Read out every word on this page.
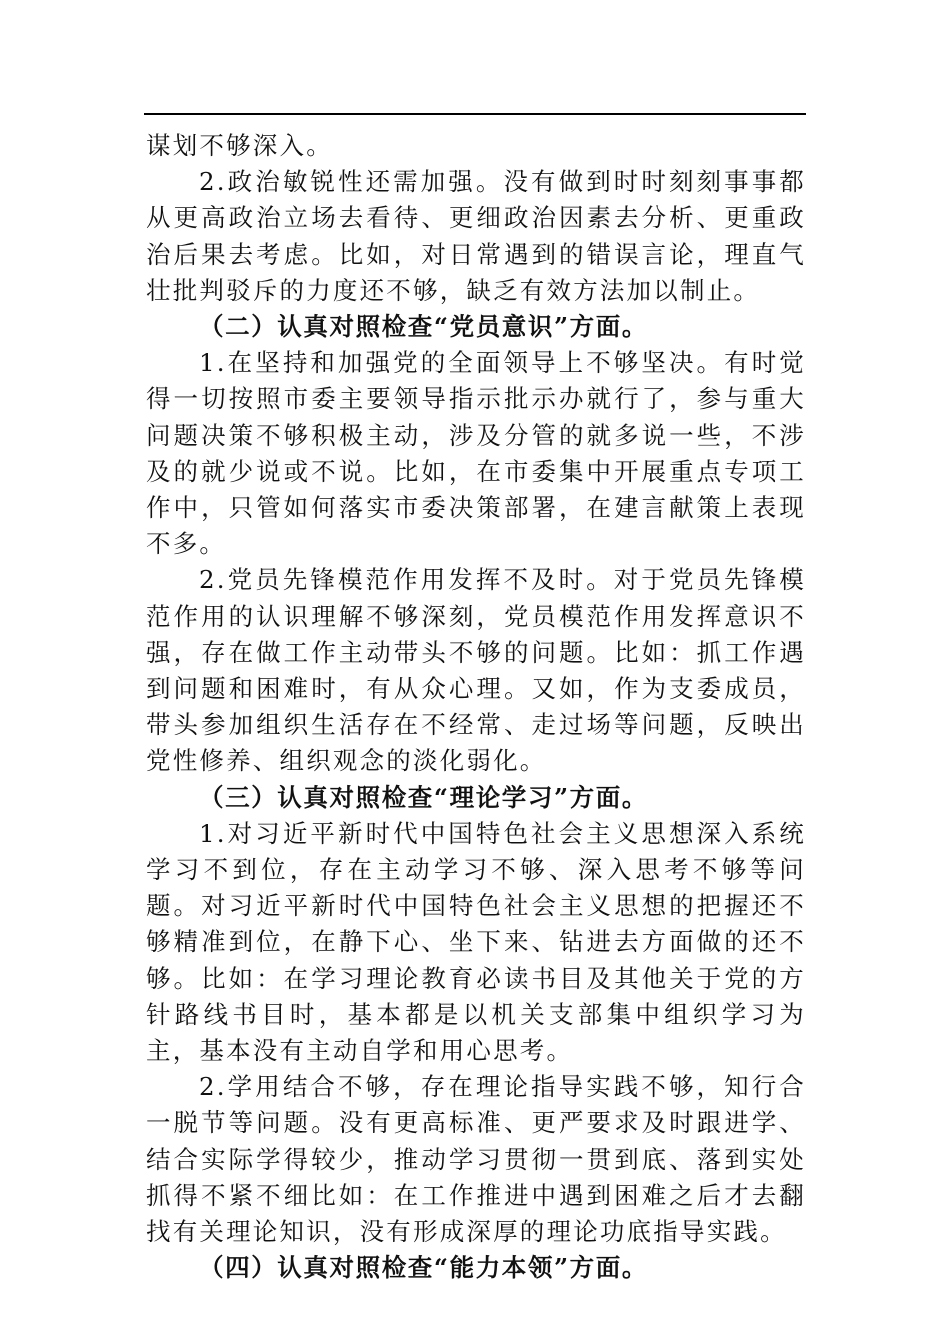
谋划不够深入。

2.政治敏锐性还需加强。没有做到时时刻刻事事都从更高政治立场去看待、更细政治因素去分析、更重政治后果去考虑。比如，对日常遇到的错误言论，理直气壮批判驳斥的力度还不够，缺乏有效方法加以制止。

（二）认真对照检查“党员意识”方面。

1.在坚持和加强党的全面领导上不够坚决。有时觉得一切按照市委主要领导指示批示办就行了，参与重大问题决策不够积极主动，涉及分管的就多说一些，不涉及的就少说或不说。比如，在市委集中开展重点专项工作中，只管如何落实市委决策部署，在建言献策上表现不多。

2.党员先锋模范作用发挥不及时。对于党员先锋模范作用的认识理解不够深刻，党员模范作用发挥意识不强，存在做工作主动带头不够的问题。比如：抓工作遇到问题和困难时，有从众心理。又如，作为支委成员，带头参加组织生活存在不经常、走过场等问题，反映出党性修养、组织观念的淡化弱化。

（三）认真对照检查“理论学习”方面。

1.对习近平新时代中国特色社会主义思想深入系统学习不到位，存在主动学习不够、深入思考不够等问题。对习近平新时代中国特色社会主义思想的把握还不够精准到位，在静下心、坐下来、钻进去方面做的还不够。比如：在学习理论教育必读书目及其他关于党的方针路线书目时，基本都是以机关支部集中组织学习为主，基本没有主动自学和用心思考。

2.学用结合不够，存在理论指导实践不够，知行合一脱节等问题。没有更高标准、更严要求及时跟进学、结合实际学得较少，推动学习贯彻一贯到底、落到实处抓得不紧不细比如：在工作推进中遇到困难之后才去翻找有关理论知识，没有形成深厚的理论功底指导实践。

（四）认真对照检查“能力本领”方面。
